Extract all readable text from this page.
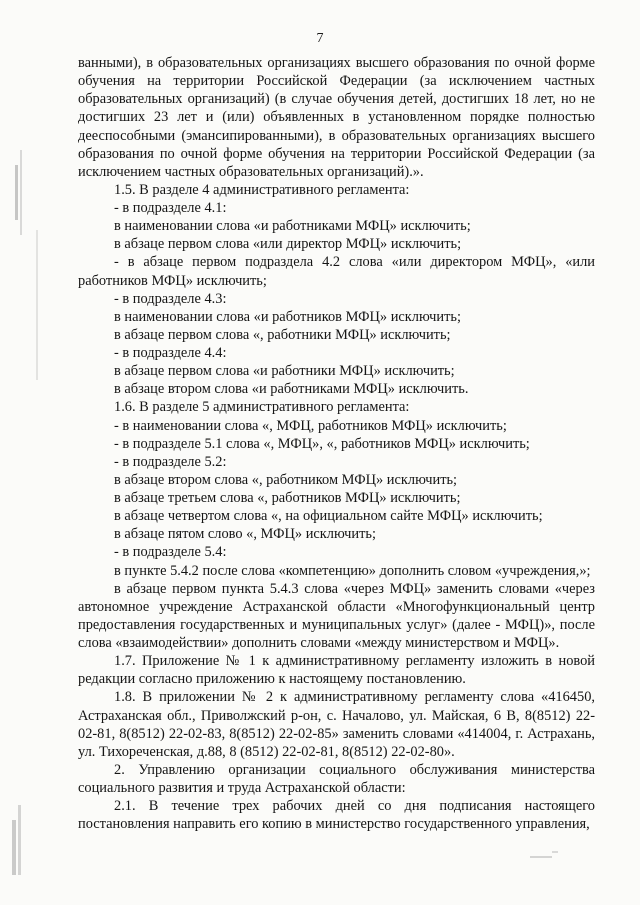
7

ванными), в образовательных организациях высшего образования по очной форме обучения на территории Российской Федерации (за исключением частных образовательных организаций) (в случае обучения детей, достигших 18 лет, но не достигших 23 лет и (или) объявленных в установленном порядке полностью дееспособными (эмансипированными), в образовательных организациях высшего образования по очной форме обучения на территории Российской Федерации (за исключением частных образовательных организаций).».

1.5. В разделе 4 административного регламента:

- в подразделе 4.1:

в наименовании слова «и работниками МФЦ» исключить;

в абзаце первом слова «или директор МФЦ» исключить;

- в абзаце первом подраздела 4.2 слова «или директором МФЦ», «или работников МФЦ» исключить;

- в подразделе 4.3:

в наименовании слова «и работников МФЦ» исключить;

в абзаце первом слова «, работники МФЦ» исключить;

- в подразделе 4.4:

в абзаце первом слова «и работники МФЦ» исключить;

в абзаце втором слова «и работниками МФЦ» исключить.

1.6. В разделе 5 административного регламента:

- в наименовании слова «, МФЦ, работников МФЦ» исключить;

- в подразделе 5.1 слова «, МФЦ», «, работников МФЦ» исключить;

- в подразделе 5.2:

в абзаце втором слова «, работником МФЦ» исключить;

в абзаце третьем слова «, работников МФЦ» исключить;

в абзаце четвертом слова «, на официальном сайте МФЦ» исключить;

в абзаце пятом слово «, МФЦ» исключить;

- в подразделе 5.4:

в пункте 5.4.2 после слова «компетенцию» дополнить словом «учреждения,»;

в абзаце первом пункта 5.4.3 слова «через МФЦ» заменить словами «через автономное учреждение Астраханской области «Многофункциональный центр предоставления государственных и муниципальных услуг» (далее - МФЦ)», после слова «взаимодействии» дополнить словами «между министерством и МФЦ».

1.7. Приложение № 1 к административному регламенту изложить в новой редакции согласно приложению к настоящему постановлению.

1.8. В приложении № 2 к административному регламенту слова «416450, Астраханская обл., Приволжский р-он, с. Началово, ул. Майская, 6 В, 8(8512) 22-02-81, 8(8512) 22-02-83, 8(8512) 22-02-85» заменить словами «414004, г. Астрахань, ул. Тихореченская, д.88, 8 (8512) 22-02-81, 8(8512) 22-02-80».

2. Управлению организации социального обслуживания министерства социального развития и труда Астраханской области:

2.1. В течение трех рабочих дней со дня подписания настоящего постановления направить его копию в министерство государственного управления,
